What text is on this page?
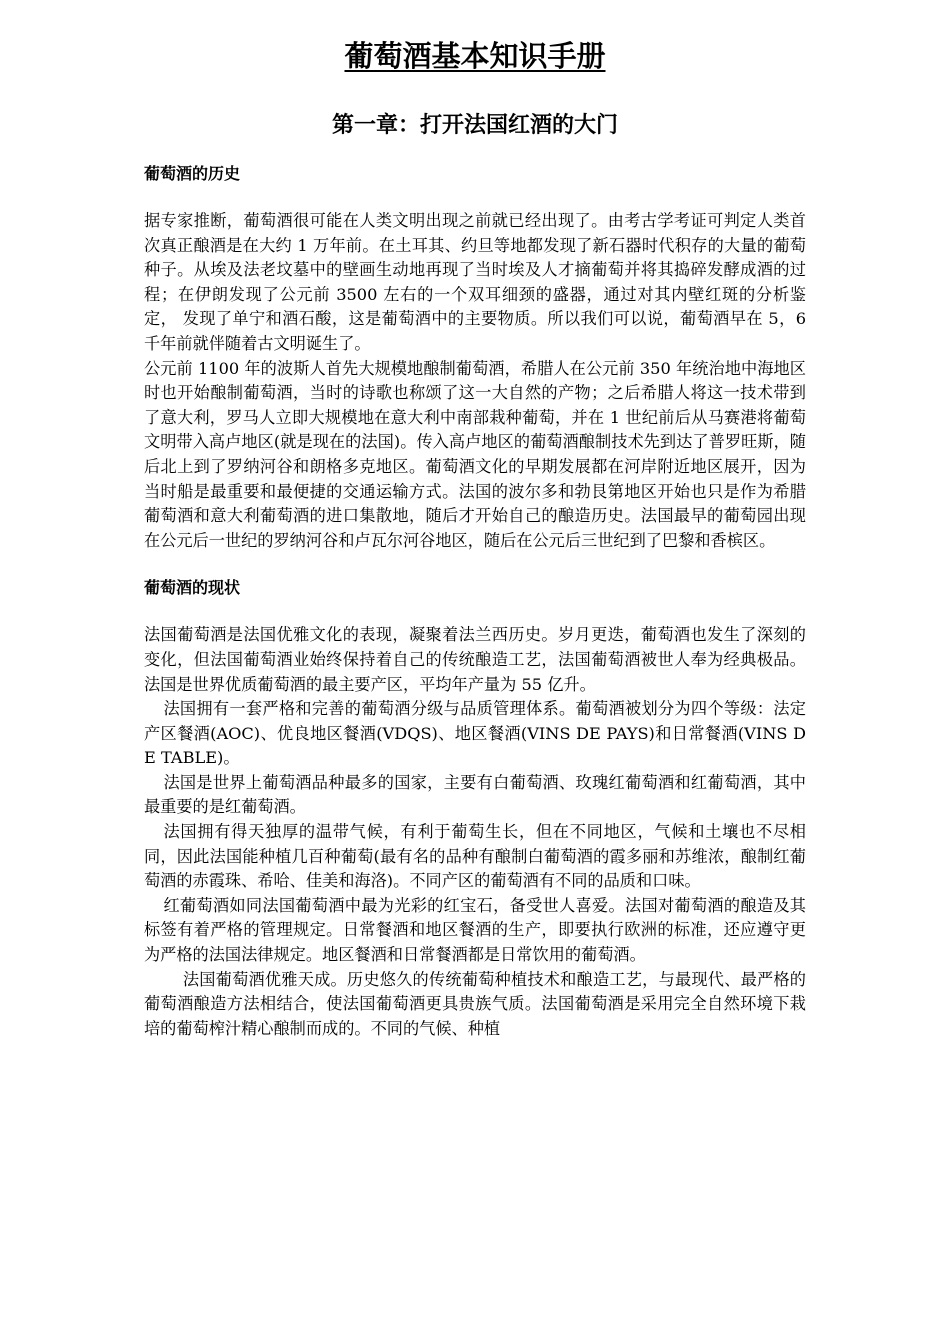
葡萄酒基本知识手册
第一章：打开法国红酒的大门
葡萄酒的历史

据专家推断，葡萄酒很可能在人类文明出现之前就已经出现了。由考古学考证可判定人类首次真正酿酒是在大约 1 万年前。在土耳其、约旦等地都发现了新石器时代积存的大量的葡萄种子。从埃及法老坟墓中的壁画生动地再现了当时埃及人才摘葡萄并将其捣碎发酵成酒的过程；在伊朗发现了公元前 3500 左右的一个双耳细颈的盛器，通过对其内壁红斑的分析鉴定， 发现了单宁和酒石酸，这是葡萄酒中的主要物质。所以我们可以说，葡萄酒早在 5，6 千年前就伴随着古文明诞生了。

公元前 1100 年的波斯人首先大规模地酿制葡萄酒，希腊人在公元前 350 年统治地中海地区时也开始酿制葡萄酒，当时的诗歌也称颂了这一大自然的产物；之后希腊人将这一技术带到了意大利，罗马人立即大规模地在意大利中南部栽种葡萄，并在 1 世纪前后从马赛港将葡萄文明带入高卢地区(就是现在的法国)。传入高卢地区的葡萄酒酿制技术先到达了普罗旺斯，随后北上到了罗纳河谷和朗格多克地区。葡萄酒文化的早期发展都在河岸附近地区展开，因为当时船是最重要和最便捷的交通运输方式。法国的波尔多和勃艮第地区开始也只是作为希腊葡萄酒和意大利葡萄酒的进口集散地，随后才开始自己的酿造历史。法国最早的葡萄园出现在公元后一世纪的罗纳河谷和卢瓦尔河谷地区，随后在公元后三世纪到了巴黎和香槟区。

葡萄酒的现状

法国葡萄酒是法国优雅文化的表现，凝聚着法兰西历史。岁月更迭，葡萄酒也发生了深刻的变化，但法国葡萄酒业始终保持着自己的传统酿造工艺，法国葡萄酒被世人奉为经典极品。法国是世界优质葡萄酒的最主要产区，平均年产量为 55 亿升。

法国拥有一套严格和完善的葡萄酒分级与品质管理体系。葡萄酒被划分为四个等级：法定产区餐酒(AOC)、优良地区餐酒(VDQS)、地区餐酒(VINS DE PAYS)和日常餐酒(VINS DE TABLE)。

法国是世界上葡萄酒品种最多的国家，主要有白葡萄酒、玫瑰红葡萄酒和红葡萄酒，其中最重要的是红葡萄酒。

法国拥有得天独厚的温带气候，有利于葡萄生长，但在不同地区，气候和土壤也不尽相同，因此法国能种植几百种葡萄(最有名的品种有酿制白葡萄酒的霞多丽和苏维浓，酿制红葡萄酒的赤霞珠、希哈、佳美和海洛)。不同产区的葡萄酒有不同的品质和口味。

红葡萄酒如同法国葡萄酒中最为光彩的红宝石，备受世人喜爱。法国对葡萄酒的酿造及其标签有着严格的管理规定。日常餐酒和地区餐酒的生产，即要执行欧洲的标准，还应遵守更为严格的法国法律规定。地区餐酒和日常餐酒都是日常饮用的葡萄酒。

法国葡萄酒优雅天成。历史悠久的传统葡萄种植技术和酿造工艺，与最现代、最严格的葡萄酒酿造方法相结合，使法国葡萄酒更具贵族气质。法国葡萄酒是采用完全自然环境下栽培的葡萄榨汁精心酿制而成的。不同的气候、种植
